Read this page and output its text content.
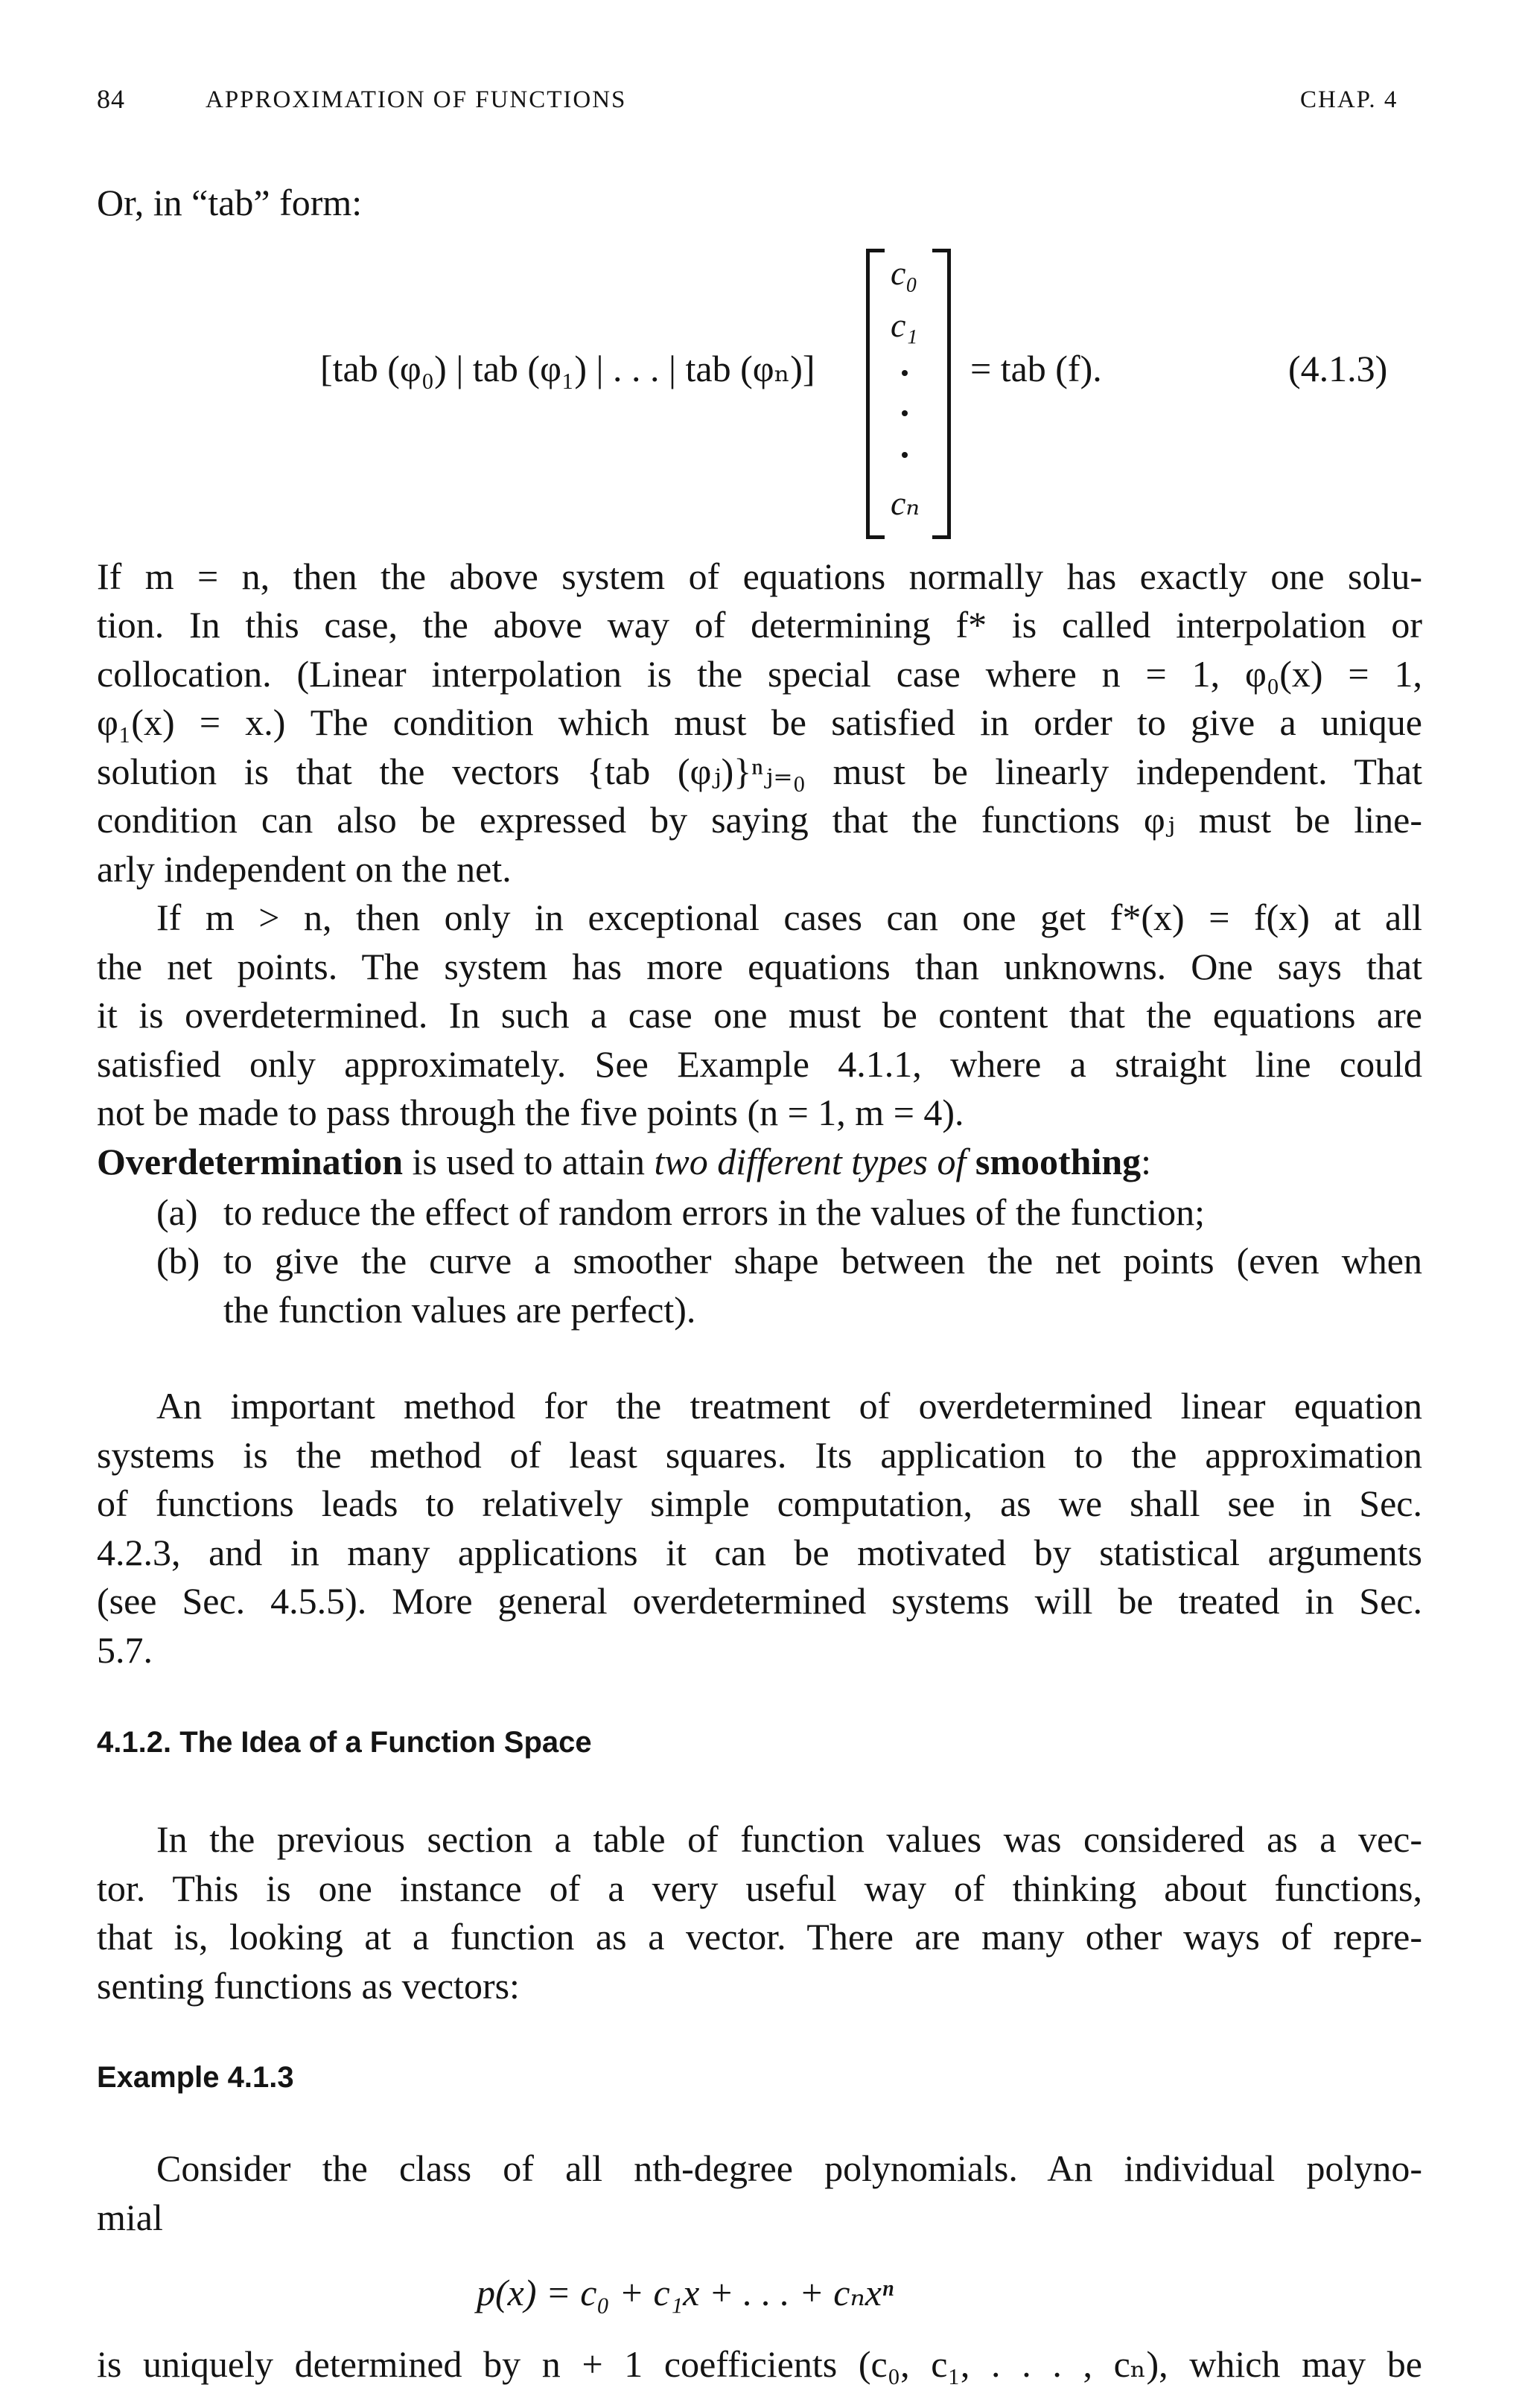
84	APPROXIMATION OF FUNCTIONS	CHAP. 4
Or, in “tab” form:
[tab (φ₀) | tab (φ₁) | . . . | tab (φₙ)]
c₀
c₁
cₙ
= tab (f).	(4.1.3)
If m = n, then the above system of equations normally has exactly one solu-
tion. In this case, the above way of determining f* is called interpolation or
collocation. (Linear interpolation is the special case where n = 1, φ₀(x) = 1,
φ₁(x) = x.) The condition which must be satisfied in order to give a unique
solution is that the vectors {tab (φⱼ)}ⁿⱼ₌₀ must be linearly independent. That
condition can also be expressed by saying that the functions φⱼ must be line-
arly independent on the net.
If m > n, then only in exceptional cases can one get f*(x) = f(x) at all
the net points. The system has more equations than unknowns. One says that
it is overdetermined. In such a case one must be content that the equations are
satisfied only approximately. See Example 4.1.1, where a straight line could
not be made to pass through the five points (n = 1, m = 4).
Overdetermination is used to attain two different types of smoothing:
(a) to reduce the effect of random errors in the values of the function;
(b) to give the curve a smoother shape between the net points (even when
the function values are perfect).
An important method for the treatment of overdetermined linear equation
systems is the method of least squares. Its application to the approximation
of functions leads to relatively simple computation, as we shall see in Sec.
4.2.3, and in many applications it can be motivated by statistical arguments
(see Sec. 4.5.5). More general overdetermined systems will be treated in Sec.
5.7.
4.1.2. The Idea of a Function Space
In the previous section a table of function values was considered as a vec-
tor. This is one instance of a very useful way of thinking about functions,
that is, looking at a function as a vector. There are many other ways of repre-
senting functions as vectors:
Example 4.1.3
Consider the class of all nth-degree polynomials. An individual polyno-
mial
p(x) = c₀ + c₁x + . . . + cₙxⁿ
is uniquely determined by n + 1 coefficients (c₀, c₁, . . . , cₙ), which may be
